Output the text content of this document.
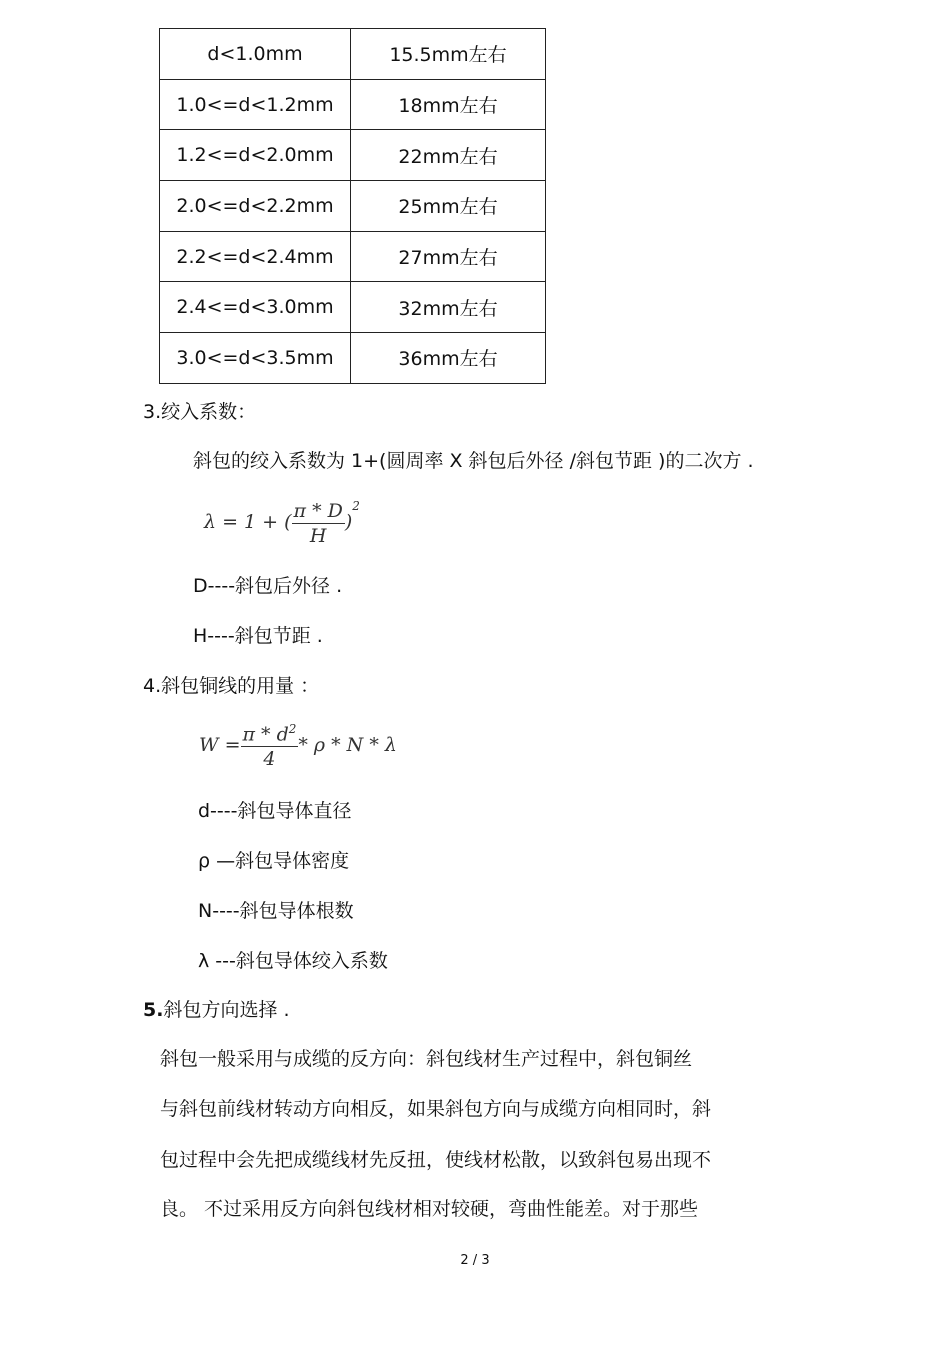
d<1.0mm	15.5mm左右
1.0<=d<1.2mm	18mm左右
1.2<=d<2.0mm	22mm左右
2.0<=d<2.2mm	25mm左右
2.2<=d<2.4mm	27mm左右
2.4<=d<3.0mm	32mm左右
3.0<=d<3.5mm	36mm左右
3.绞入系数：
斜包的绞入系数为 1+(圆周率 X 斜包后外径 /斜包节距 )的二次方 .
λ = 1 + ( $\frac{\pi * D}{H} )^2$
D----斜包后外径 .
H----斜包节距 .
4.斜包铜线的用量 ：
$W = \frac{\pi * d^2}{4} * \rho * N * \lambda$
d----斜包导体直径
ρ —斜包导体密度
N----斜包导体根数
λ ---斜包导体绞入系数
5.斜包方向选择 .
斜包一般采用与成缆的反方向：斜包线材生产过程中，斜包铜丝
与斜包前线材转动方向相反，如果斜包方向与成缆方向相同时，斜
包过程中会先把成缆线材先反扭，使线材松散，以致斜包易出现不
良。 不过采用反方向斜包线材相对较硬，弯曲性能差。对于那些
2 / 3
